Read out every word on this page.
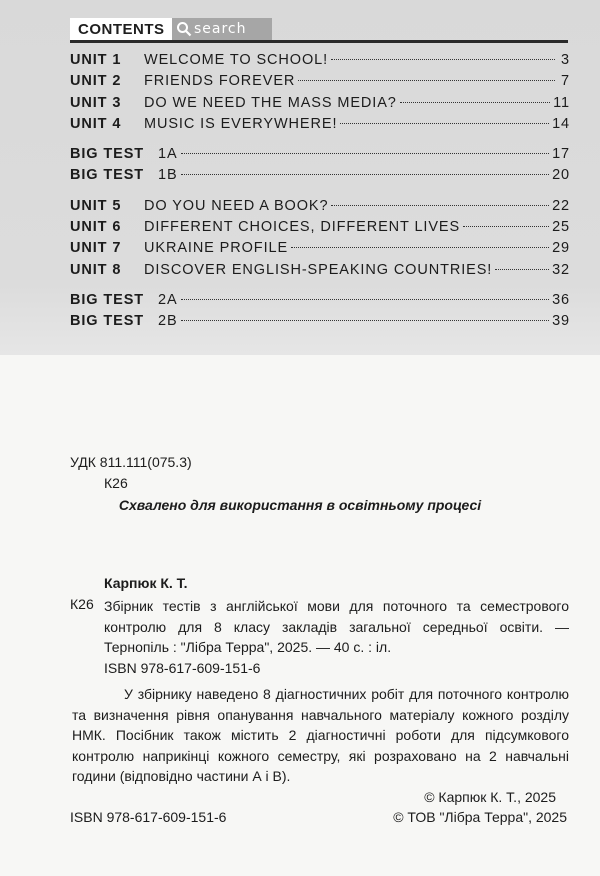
CONTENTS	search
UNIT 1	WELCOME TO SCHOOL!	3
UNIT 2	FRIENDS FOREVER	7
UNIT 3	DO WE NEED THE MASS MEDIA?	11
UNIT 4	MUSIC IS EVERYWHERE!	14
BIG TEST 1A	17
BIG TEST 1B	20
UNIT 5	DO YOU NEED A BOOK?	22
UNIT 6	DIFFERENT CHOICES, DIFFERENT LIVES	25
UNIT 7	UKRAINE PROFILE	29
UNIT 8	DISCOVER ENGLISH-SPEAKING COUNTRIES!	32
BIG TEST 2A	36
BIG TEST 2B	39
УДК 811.111(075.3)
К26
Схвалено для використання в освітньому процесі
Карпюк К. Т.
К26 Збірник тестів з англійської мови для поточного та семестрового контролю для 8 класу закладів загальної середньої освіти. — Тернопіль : "Лібра Терра", 2025. — 40 с. : іл.
ISBN 978-617-609-151-6
У збірнику наведено 8 діагностичних робіт для поточного контролю та визначення рівня опанування навчального матеріалу кожного розділу НМК. Посібник також містить 2 діагностичні роботи для підсумкового контролю наприкінці кожного семестру, які розраховано на 2 навчальні години (відповідно частини А і В).
© Карпюк К. Т., 2025
ISBN 978-617-609-151-6	© ТОВ "Лібра Терра", 2025
